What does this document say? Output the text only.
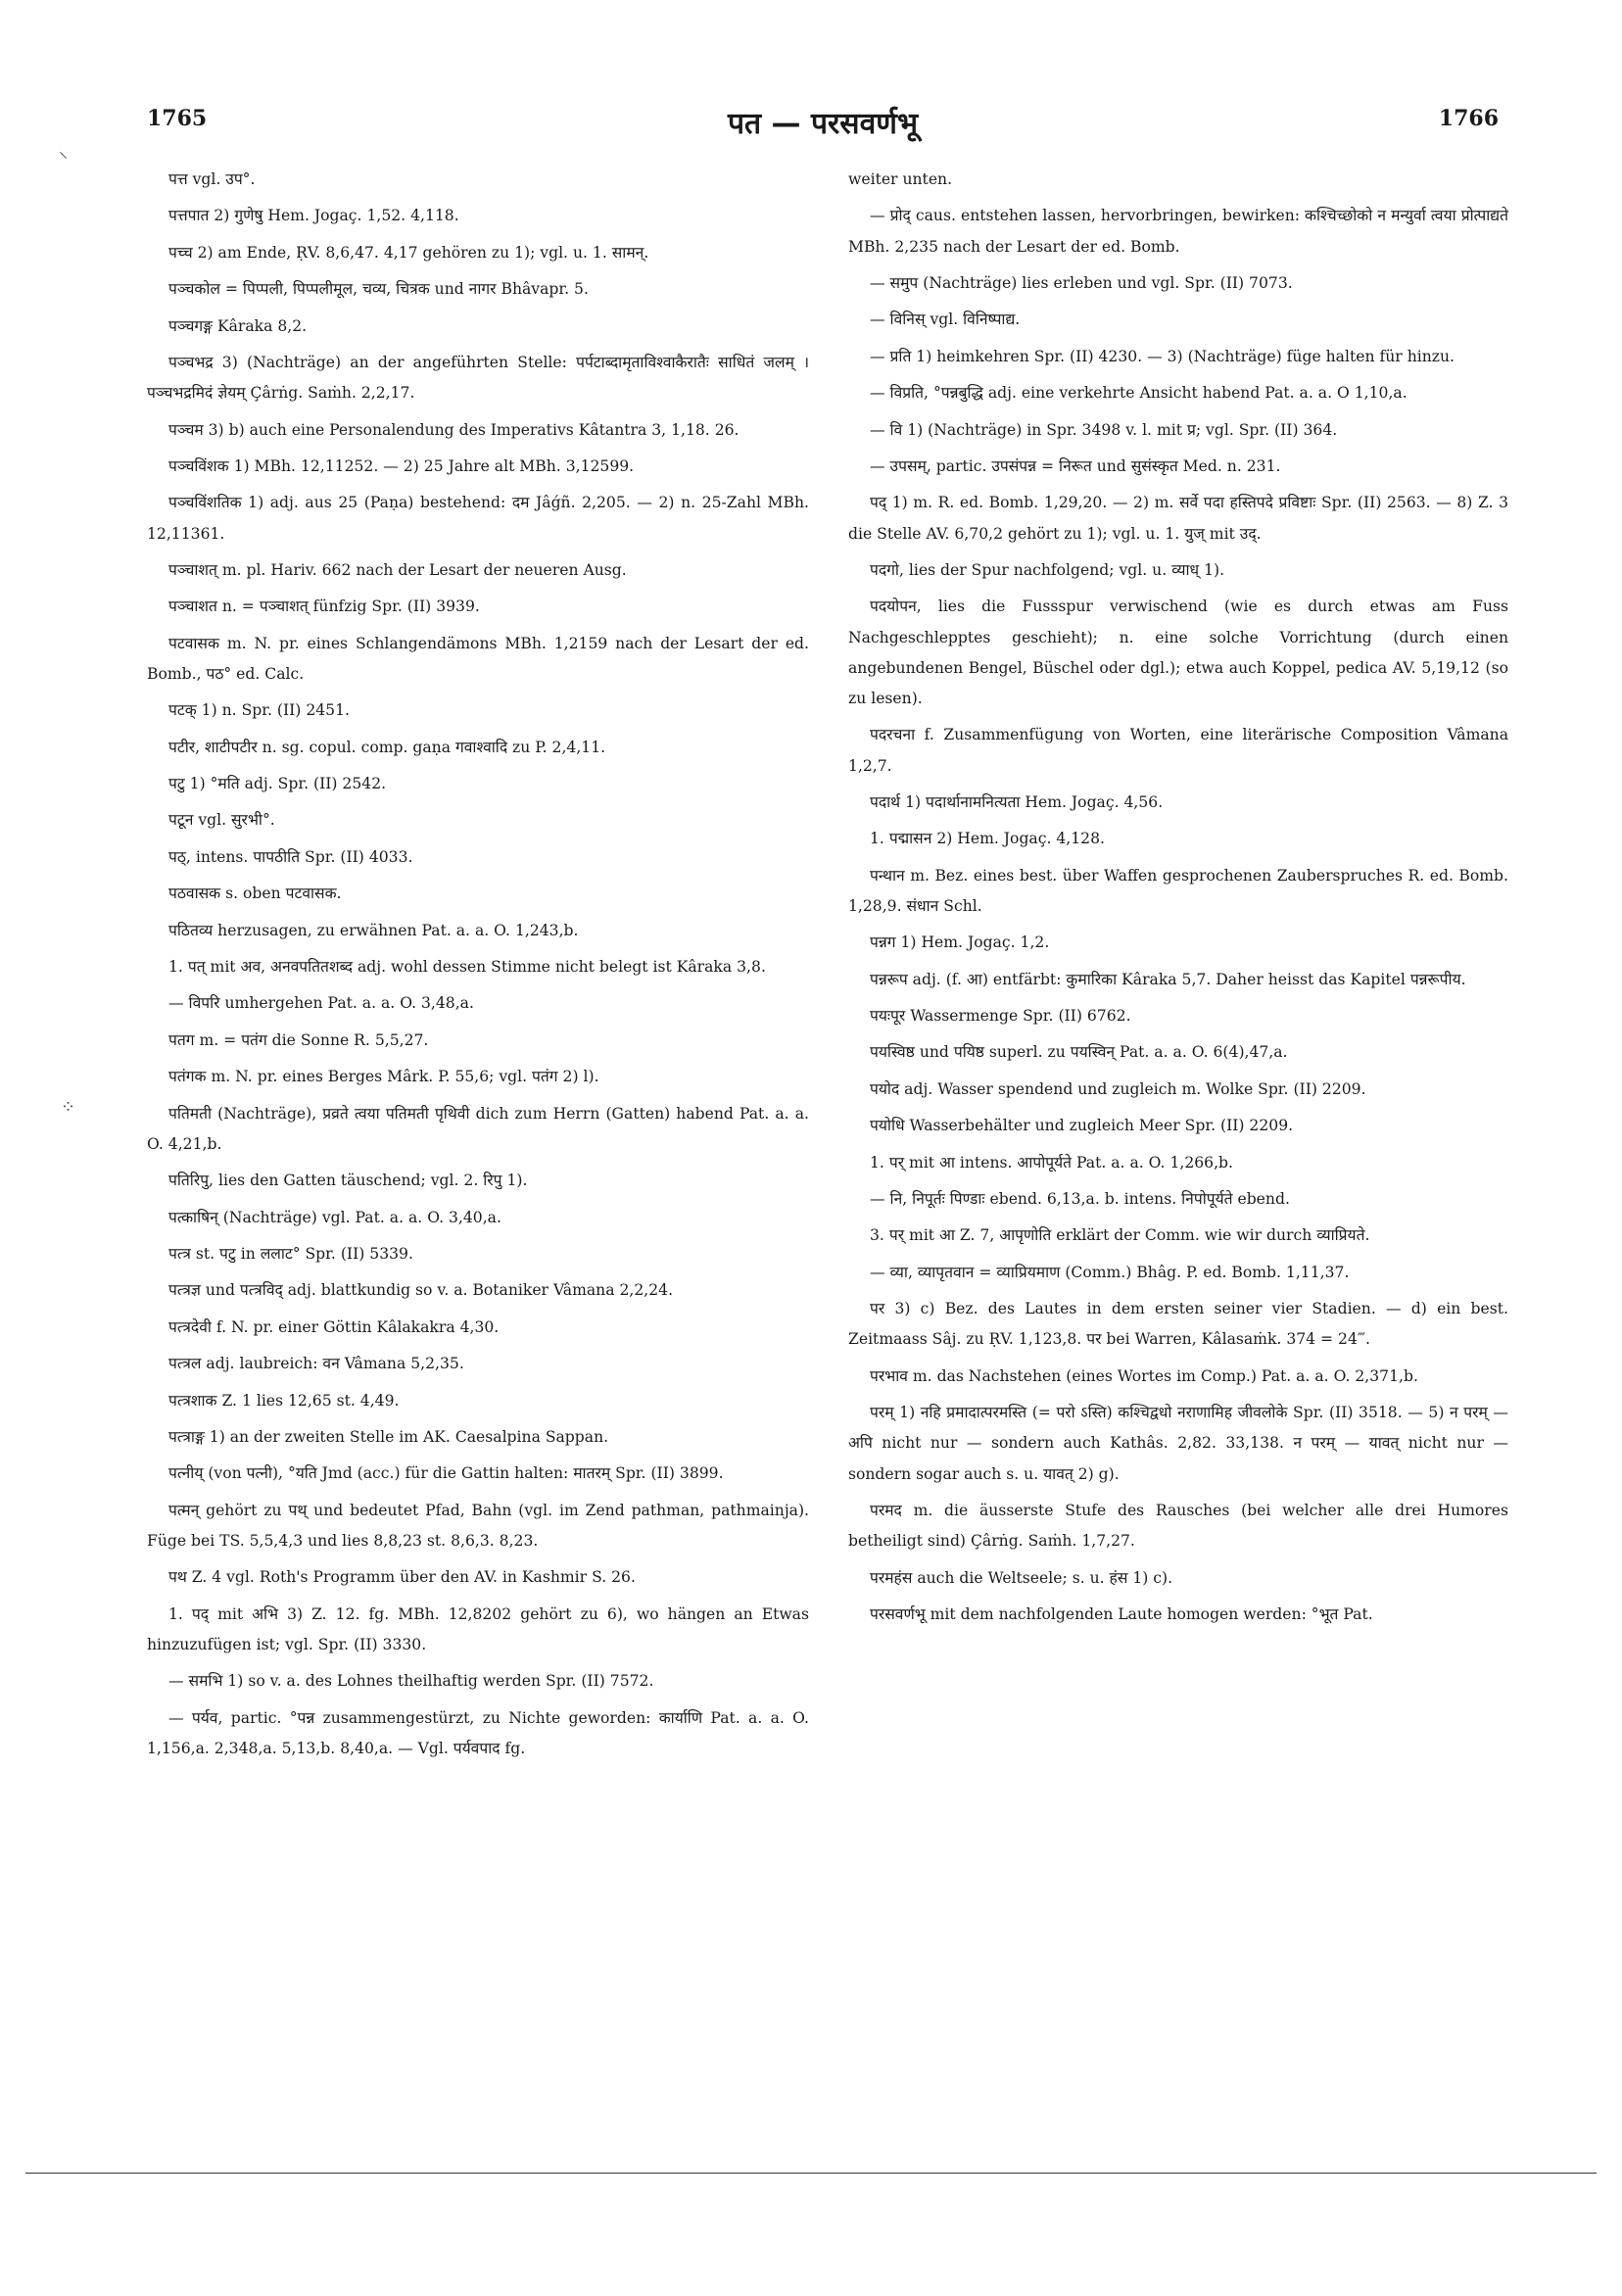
⸌
⁘
1765	पत — परसवर्णभू	1766

पत्त vgl. उप°.

पत्तपात 2) गुणेषु Hem. Jogaç. 1,52. 4,118.

पच्च 2) am Ende, ṚV. 8,6,47. 4,17 gehören zu 1); vgl. u. 1. सामन्.

पञ्चकोल = पिप्पली, पिप्पलीमूल, चव्य, चित्रक und नागर Bhâvapr. 5.

पञ्चगङ्ग Kâraka 8,2.

पञ्चभद्र 3) (Nachträge) an der angeführten Stelle: पर्पटाब्दामृताविश्वाकैरातैः साधितं जलम् । पञ्चभद्रमिदं ज्ञेयम् Çârṅg. Saṁh. 2,2,17.

पञ्चम 3) b) auch eine Personalendung des Imperativs Kâtantra 3, 1,18. 26.

पञ्चविंशक 1) MBh. 12,11252. — 2) 25 Jahre alt MBh. 3,12599.

पञ्चविंशतिक 1) adj. aus 25 (Paṇa) bestehend: दम Jâǵñ. 2,205. — 2) n. 25-Zahl MBh. 12,11361.

पञ्चाशत् m. pl. Hariv. 662 nach der Lesart der neueren Ausg.

पञ्चाशत n. = पञ्चाशत् fünfzig Spr. (II) 3939.

पटवासक m. N. pr. eines Schlangendämons MBh. 1,2159 nach der Lesart der ed. Bomb., पठ° ed. Calc.

पटक् 1) n. Spr. (II) 2451.

पटीर, शाटीपटीर n. sg. copul. comp. gaṇa गवाश्वादि zu P. 2,4,11.

पटु 1) °मति adj. Spr. (II) 2542.

पटून vgl. सुरभी°.

पठ्, intens. पापठीति Spr. (II) 4033.

पठवासक s. oben पटवासक.

पठितव्य herzusagen, zu erwähnen Pat. a. a. O. 1,243,b.

1. पत् mit अव, अनवपतितशब्द adj. wohl dessen Stimme nicht belegt ist Kâraka 3,8.

— विपरि umhergehen Pat. a. a. O. 3,48,a.

पतग m. = पतंग die Sonne R. 5,5,27.

पतंगक m. N. pr. eines Berges Mârk. P. 55,6; vgl. पतंग 2) l).

पतिमती (Nachträge), प्रव्रते त्वया पतिमती पृथिवी dich zum Herrn (Gatten) habend Pat. a. a. O. 4,21,b.

पतिरिपु, lies den Gatten täuschend; vgl. 2. रिपु 1).

पत्काषिन् (Nachträge) vgl. Pat. a. a. O. 3,40,a.

पत्त्र st. पटु in ललाट° Spr. (II) 5339.

पत्त्रज्ञ und पत्त्रविद् adj. blattkundig so v. a. Botaniker Vâmana 2,2,24.

पत्त्रदेवी f. N. pr. einer Göttin Kâlakakra 4,30.

पत्त्रल adj. laubreich: वन Vâmana 5,2,35.

पत्त्रशाक Z. 1 lies 12,65 st. 4,49.

पत्त्राङ्ग 1) an der zweiten Stelle im AK. Caesalpina Sappan.

पत्नीय् (von पत्नी), °यति Jmd (acc.) für die Gattin halten: मातरम् Spr. (II) 3899.

पत्मन् gehört zu पथ् und bedeutet Pfad, Bahn (vgl. im Zend pathman, pathmainja). Füge bei TS. 5,5,4,3 und lies 8,8,23 st. 8,6,3. 8,23.

पथ Z. 4 vgl. Roth's Programm über den AV. in Kashmir S. 26.

1. पद् mit अभि 3) Z. 12. fg. MBh. 12,8202 gehört zu 6), wo hängen an Etwas hinzuzufügen ist; vgl. Spr. (II) 3330.

— समभि 1) so v. a. des Lohnes theilhaftig werden Spr. (II) 7572.

— पर्यव, partic. °पन्न zusammengestürzt, zu Nichte geworden: कार्याणि Pat. a. a. O. 1,156,a. 2,348,a. 5,13,b. 8,40,a. — Vgl. पर्यवपाद fg.

weiter unten.

— प्रोद् caus. entstehen lassen, hervorbringen, bewirken: कश्चिच्छोको न मन्युर्वा त्वया प्रोत्पाद्यते MBh. 2,235 nach der Lesart der ed. Bomb.

— समुप (Nachträge) lies erleben und vgl. Spr. (II) 7073.

— विनिस् vgl. विनिष्पाद्य.

— प्रति 1) heimkehren Spr. (II) 4230. — 3) (Nachträge) füge halten für hinzu.

— विप्रति, °पन्नबुद्धि adj. eine verkehrte Ansicht habend Pat. a. a. O 1,10,a.

— वि 1) (Nachträge) in Spr. 3498 v. l. mit प्र; vgl. Spr. (II) 364.

— उपसम्, partic. उपसंपन्न = निरूत und सुसंस्कृत Med. n. 231.

पद् 1) m. R. ed. Bomb. 1,29,20. — 2) m. सर्वे पदा हस्तिपदे प्रविष्टाः Spr. (II) 2563. — 8) Z. 3 die Stelle AV. 6,70,2 gehört zu 1); vgl. u. 1. युज् mit उद्.

पदगो, lies der Spur nachfolgend; vgl. u. व्याध् 1).

पदयोपन, lies die Fussspur verwischend (wie es durch etwas am Fuss Nachgeschlepptes geschieht); n. eine solche Vorrichtung (durch einen angebundenen Bengel, Büschel oder dgl.); etwa auch Koppel, pedica AV. 5,19,12 (so zu lesen).

पदरचना f. Zusammenfügung von Worten, eine literärische Composition Vâmana 1,2,7.

पदार्थ 1) पदार्थानामनित्यता Hem. Jogaç. 4,56.

1. पद्मासन 2) Hem. Jogaç. 4,128.

पन्थान m. Bez. eines best. über Waffen gesprochenen Zauberspruches R. ed. Bomb. 1,28,9. संधान Schl.

पन्नग 1) Hem. Jogaç. 1,2.

पन्नरूप adj. (f. आ) entfärbt: कुमारिका Kâraka 5,7. Daher heisst das Kapitel पन्नरूपीय.

पयःपूर Wassermenge Spr. (II) 6762.

पयस्विष्ठ und पयिष्ठ superl. zu पयस्विन् Pat. a. a. O. 6(4),47,a.

पयोद adj. Wasser spendend und zugleich m. Wolke Spr. (II) 2209.

पयोधि Wasserbehälter und zugleich Meer Spr. (II) 2209.

1. पर् mit आ intens. आपोपूर्यते Pat. a. a. O. 1,266,b.

— नि, निपूर्तः पिण्डाः ebend. 6,13,a. b. intens. निपोपूर्यते ebend.

3. पर् mit आ Z. 7, आपृणोति erklärt der Comm. wie wir durch व्याप्रियते.

— व्या, व्यापृतवान = व्याप्रियमाण (Comm.) Bhâg. P. ed. Bomb. 1,11,37.

पर 3) c) Bez. des Lautes in dem ersten seiner vier Stadien. — d) ein best. Zeitmaass Sâj. zu ṚV. 1,123,8. पर bei Warren, Kâlasaṁk. 374 = 24‴.

परभाव m. das Nachstehen (eines Wortes im Comp.) Pat. a. a. O. 2,371,b.

परम् 1) नहि प्रमादात्परमस्ति (= परो ऽस्ति) कश्चिद्वधो नराणामिह जीवलोके Spr. (II) 3518. — 5) न परम् — अपि nicht nur — sondern auch Kathâs. 2,82. 33,138. न परम् — यावत् nicht nur — sondern sogar auch s. u. यावत् 2) g).

परमद m. die äusserste Stufe des Rausches (bei welcher alle drei Humores betheiligt sind) Çârṅg. Saṁh. 1,7,27.

परमहंस auch die Weltseele; s. u. हंस 1) c).

परसवर्णभू mit dem nachfolgenden Laute homogen werden: °भूत Pat.
